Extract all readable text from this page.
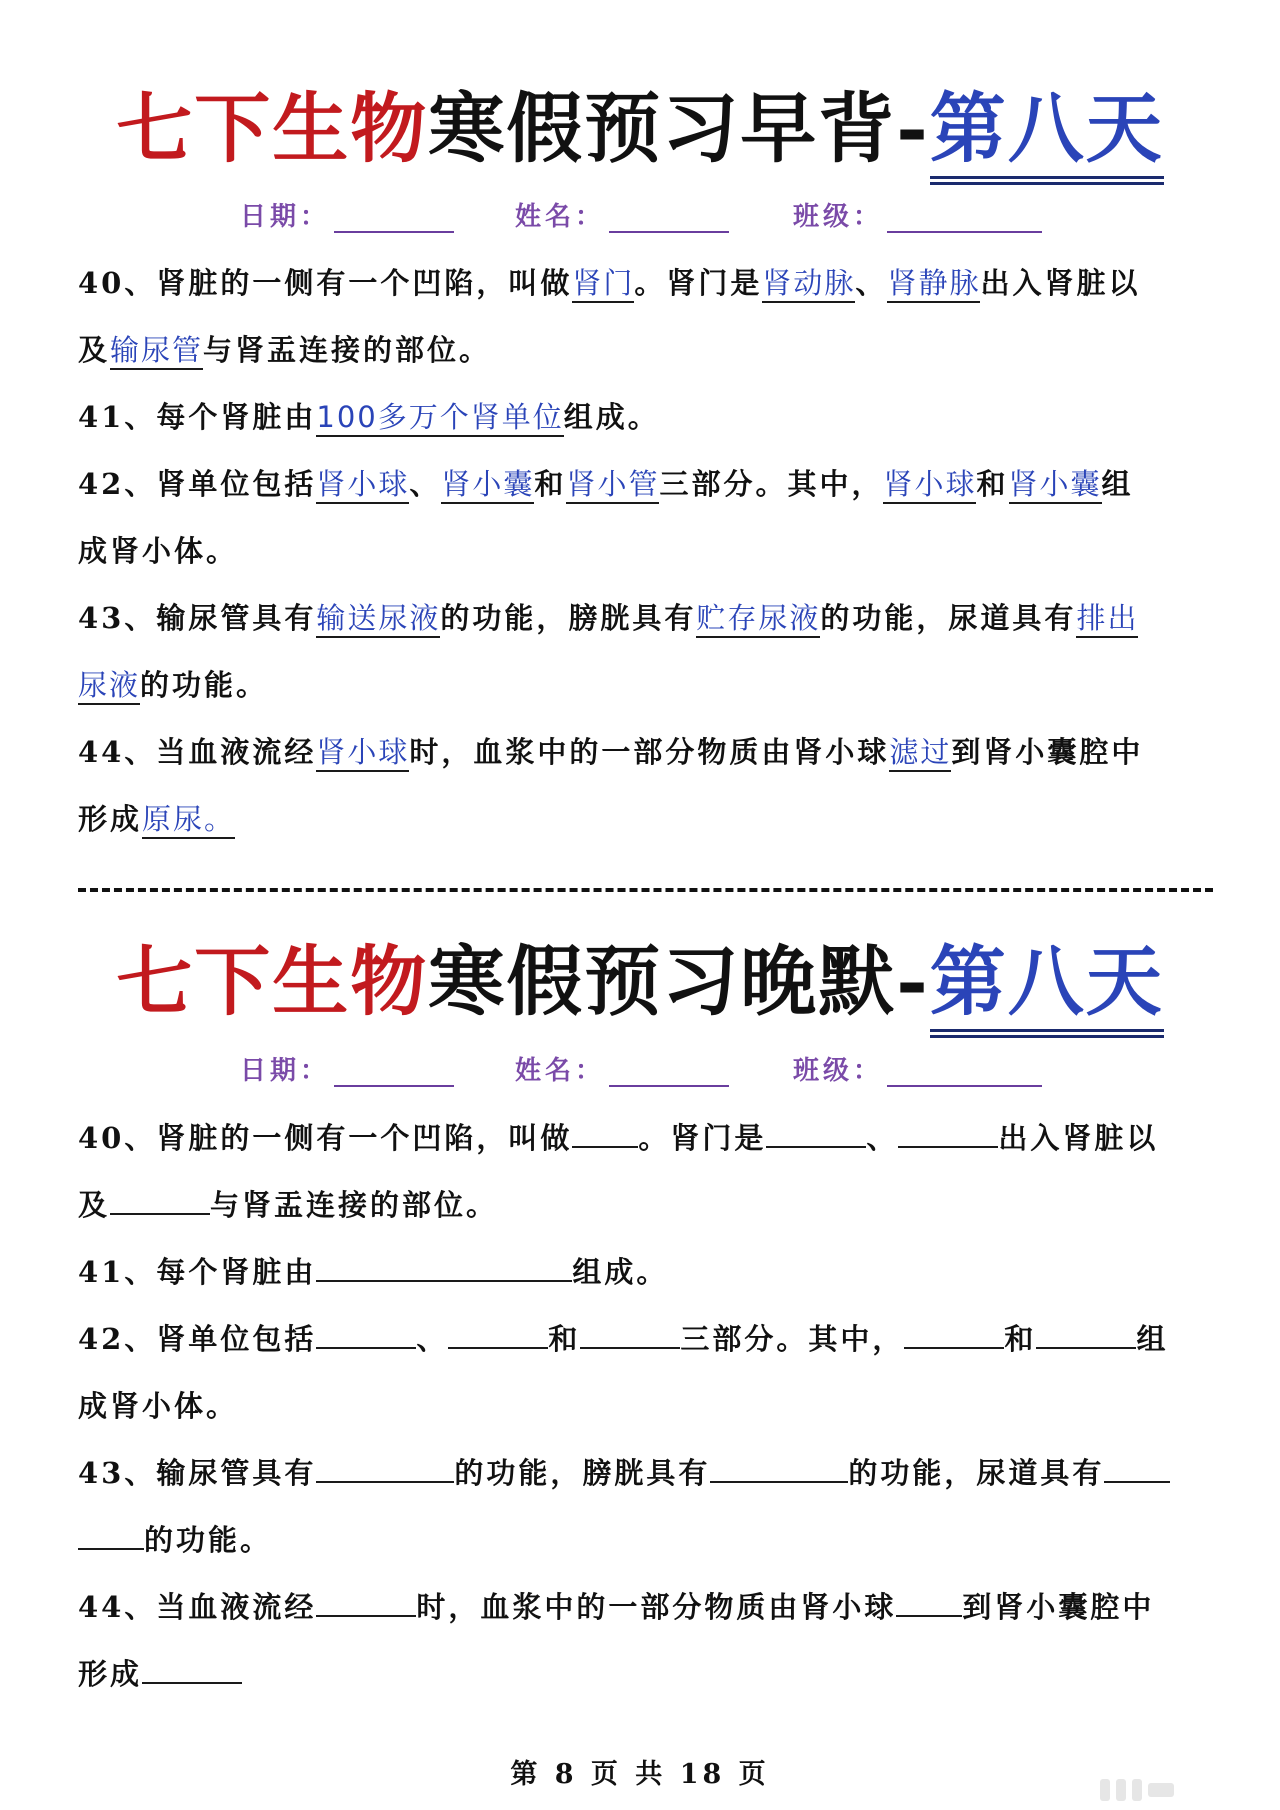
七下生物寒假预习早背-第八天
日期：	姓名：	班级：
40、肾脏的一侧有一个凹陷，叫做肾门。肾门是肾动脉、肾静脉出入肾脏以
及输尿管与肾盂连接的部位。
41、每个肾脏由100多万个肾单位组成。
42、肾单位包括肾小球、肾小囊和肾小管三部分。其中，肾小球和肾小囊组
成肾小体。
43、输尿管具有输送尿液的功能，膀胱具有贮存尿液的功能，尿道具有排出
尿液的功能。
44、当血液流经肾小球时，血浆中的一部分物质由肾小球滤过到肾小囊腔中
形成原尿。
七下生物寒假预习晚默-第八天
日期：	姓名：	班级：
40、肾脏的一侧有一个凹陷，叫做 。肾门是	、	出入肾脏以
及	与肾盂连接的部位。
41、每个肾脏由	组成。
42、肾单位包括	、	和	三部分。其中，	和	组
成肾小体。
43、输尿管具有	的功能，膀胱具有	的功能，尿道具有
的功能。
44、当血液流经	时，血浆中的一部分物质由肾小球 到肾小囊腔中
形成
第 8 页 共 18 页
